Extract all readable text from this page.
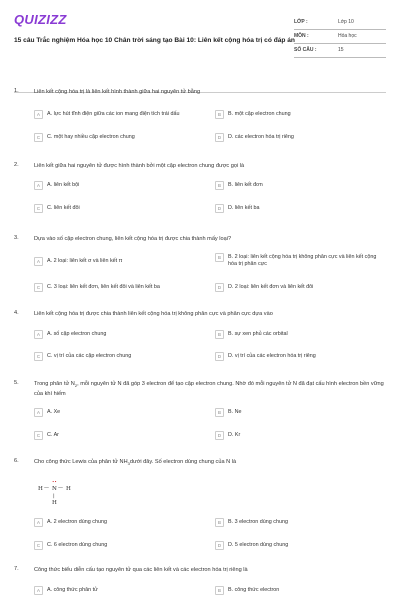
QUIZIZZ
15 câu Trắc nghiệm Hóa học 10 Chân trời sáng tạo Bài 10: Liên kết cộng hóa trị có đáp án
LỚP :	Lớp 10
MÔN :	Hóa học
SỐ CÂU :	15
1.	Liên kết cộng hóa trị là liên kết hình thành giữa hai nguyên tử bằng
A	A. lực hút tĩnh điện giữa các ion mang điện tích trái dấu	B	B. một cặp electron chung
C	C. một hay nhiều cặp electron chung	D	D. các electron hóa trị riêng
2.	Liên kết giữa hai nguyên tử được hình thành bởi một cặp electron chung được gọi là
A	A. liên kết bội	B	B. liên kết đơn
C	C. liên kết đôi	D	D. liên kết ba
3.	Dựa vào số cặp electron chung, liên kết cộng hóa trị được chia thành mấy loại?
A	A. 2 loại: liên kết σ và liên kết π
B	B. 2 loại: liên kết cộng hóa trị không phân cực và liên kết cộng hóa trị phân cực
C	C. 3 loại: liên kết đơn, liên kết đôi và liên kết ba	D	D. 2 loại: liên kết đơn và liên kết đôi
4.	Liên kết cộng hóa trị được chia thành liên kết cộng hóa trị không phân cực và phân cực dựa vào
A	A. số cặp electron chung	B	B. sự xen phủ các orbital
C	C. vị trí của các cặp electron chung	D	D. vị trí của các electron hóa trị riêng
5.	Trong phân tử $N_2$, mỗi nguyên tử N đã góp 3 electron để tạo cặp electron chung. Nhờ đó mỗi nguyên tử N đã đạt cấu hình electron bền vững của khí hiếm
A	A. Xe	B	B. Ne
C	C. Ar	D	D. Kr
6.	Cho công thức Lewis của phân tử $NH_3dưới$ đây. Số electron dùng chung của N là
H —
••
N — H
|
H
A	A. 2 electron dùng chung	B	B. 3 electron dùng chung
C	C. 6 electron dùng chung	D	D. 5 electron dùng chung
7.	Công thức biểu diễn cấu tạo nguyên tử qua các liên kết và các electron hóa trị riêng là
A	A. công thức phân tử	B	B. công thức electron
